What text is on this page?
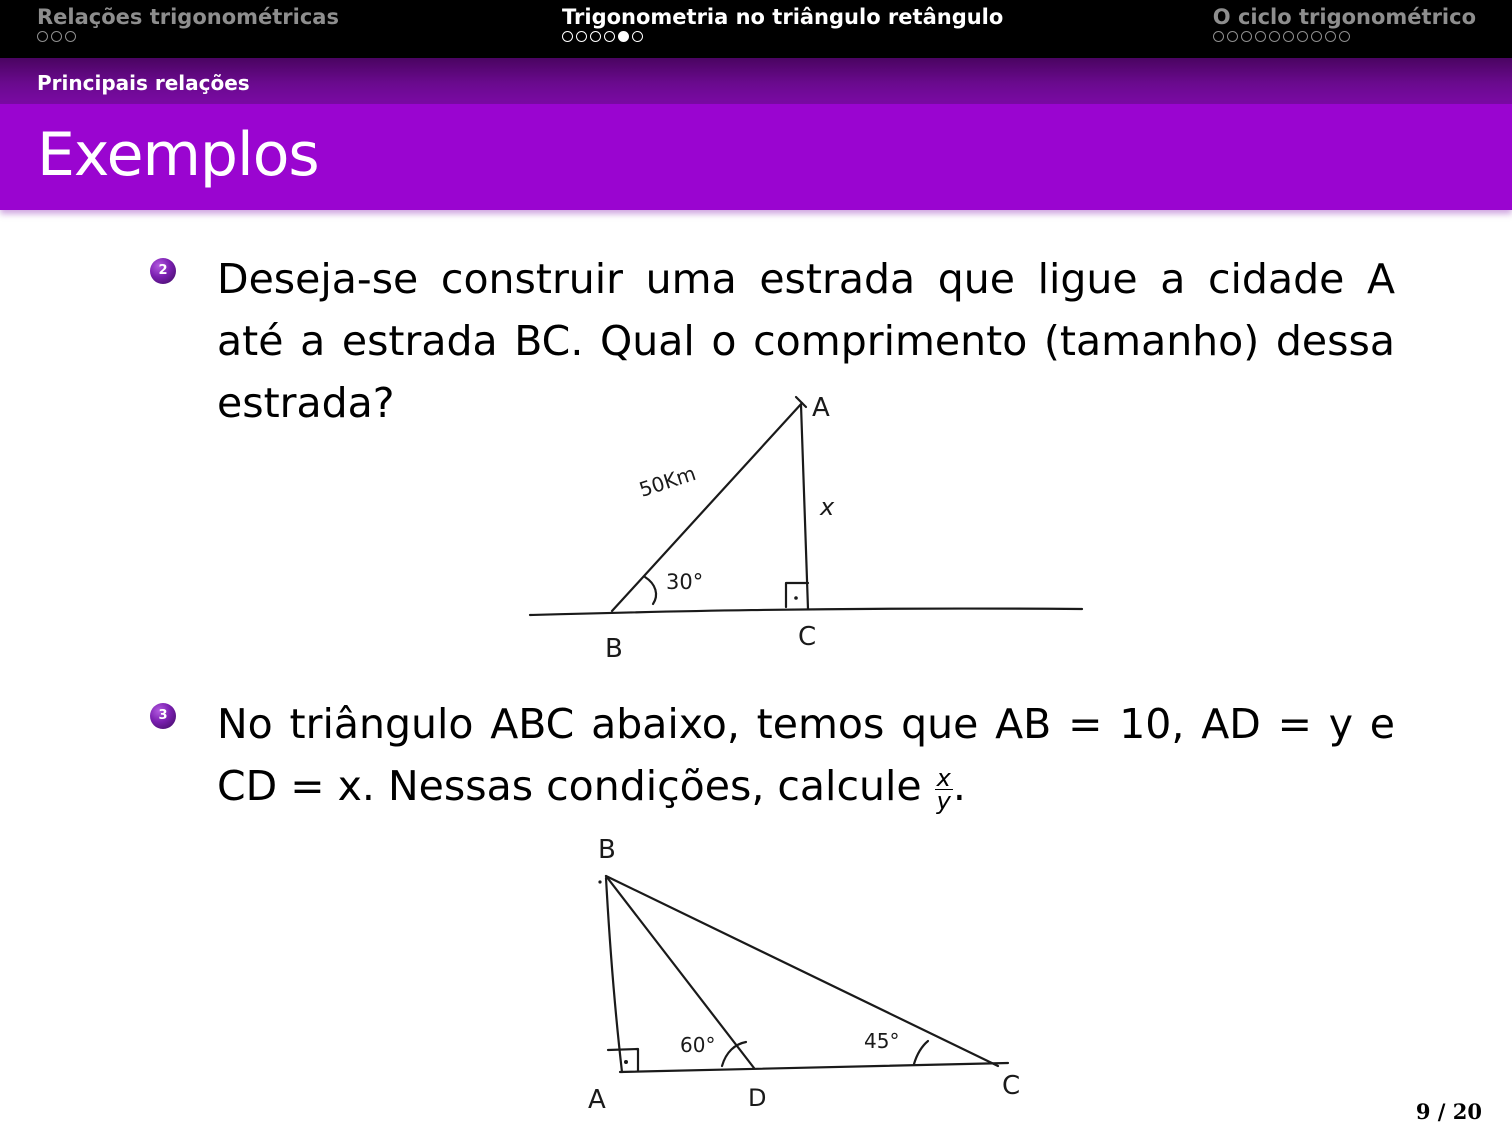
Relações trigonométricas	Trigonometria no triângulo retângulo	O ciclo trigonométrico
Principais relações
Exemplos
2 Deseja-se construir uma estrada que ligue a cidade A até a estrada BC. Qual o comprimento (tamanho) dessa estrada?	A
B	C
50Km
x
30°
3 No triângulo ABC abaixo, temos que AB = 10, AD = y e CD = x. Nessas condições, calcule $\frac{x}{y}$ .
B
A	C
D
60°	45°
9 / 20
